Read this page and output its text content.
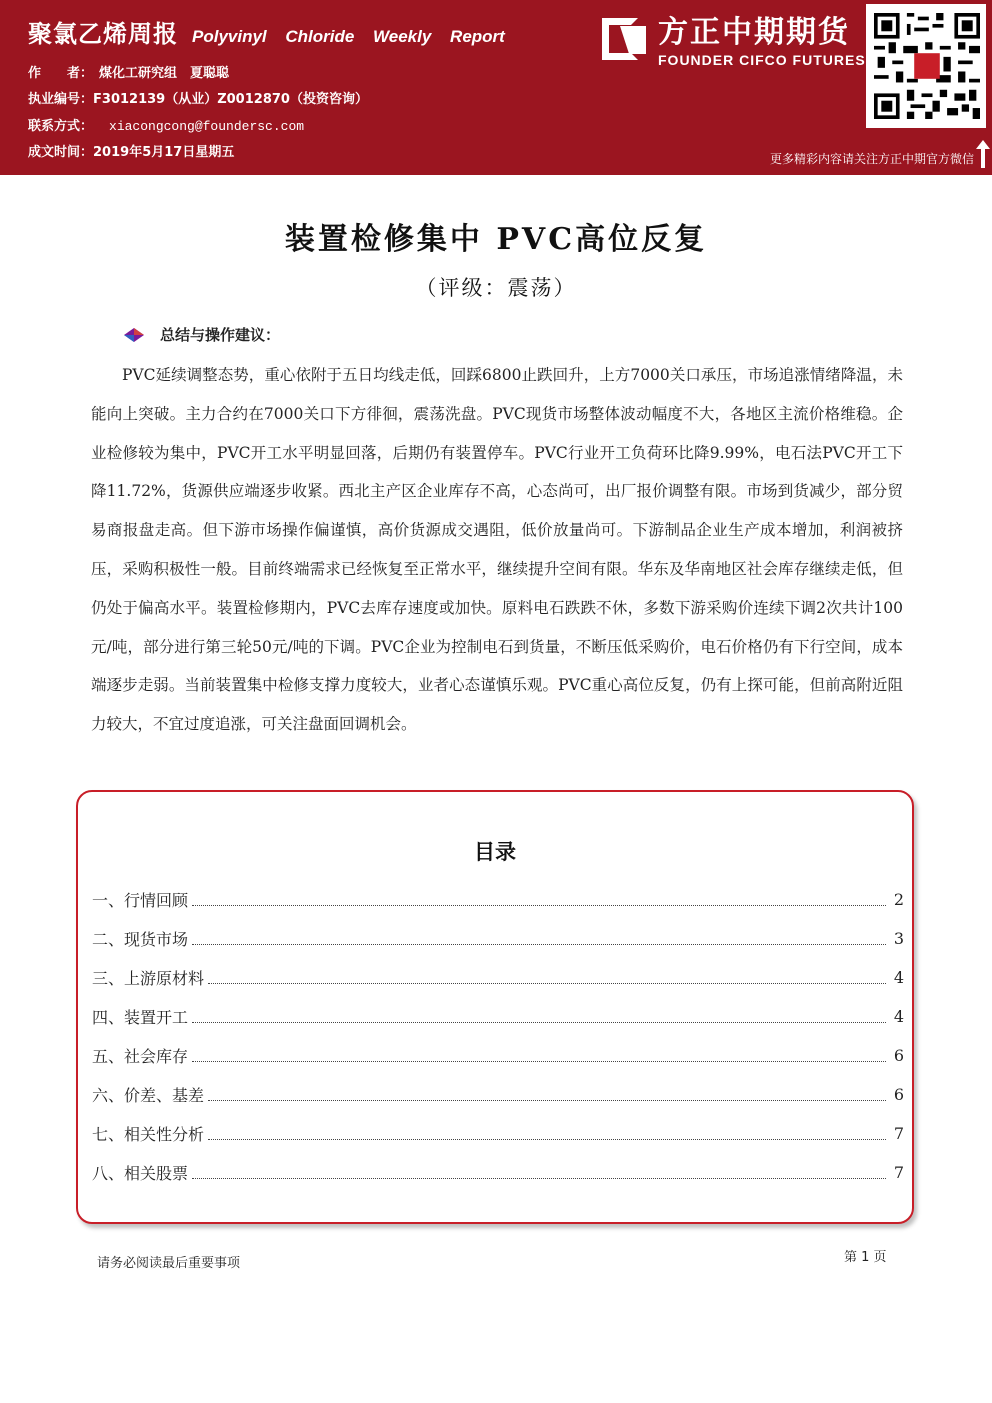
聚氯乙烯周报 Polyvinyl Chloride Weekly Report
作　　者： 煤化工研究组　夏聪聪
执业编号：F3012139（从业）Z0012870（投资咨询）
联系方式： xiacongcong@foundersc.com
成文时间：2019年5月17日星期五
方正中期期货
FOUNDER CIFCO FUTURES
更多精彩内容请关注方正中期官方微信
装置检修集中 PVC高位反复
（评级：震荡）
总结与操作建议：
PVC延续调整态势，重心依附于五日均线走低，回踩6800止跌回升，上方7000关口承压，市场追涨情绪降温，未能向上突破。主力合约在7000关口下方徘徊，震荡洗盘。PVC现货市场整体波动幅度不大，各地区主流价格维稳。企业检修较为集中，PVC开工水平明显回落，后期仍有装置停车。PVC行业开工负荷环比降9.99%，电石法PVC开工下降11.72%，货源供应端逐步收紧。西北主产区企业库存不高，心态尚可，出厂报价调整有限。市场到货减少，部分贸易商报盘走高。但下游市场操作偏谨慎，高价货源成交遇阻，低价放量尚可。下游制品企业生产成本增加，利润被挤压，采购积极性一般。目前终端需求已经恢复至正常水平，继续提升空间有限。华东及华南地区社会库存继续走低，但仍处于偏高水平。装置检修期内，PVC去库存速度或加快。原料电石跌跌不休，多数下游采购价连续下调2次共计100元/吨，部分进行第三轮50元/吨的下调。PVC企业为控制电石到货量，不断压低采购价，电石价格仍有下行空间，成本端逐步走弱。当前装置集中检修支撑力度较大，业者心态谨慎乐观。PVC重心高位反复，仍有上探可能，但前高附近阻力较大，不宜过度追涨，可关注盘面回调机会。
目录
一、行情回顾	2
二、现货市场	3
三、上游原材料	4
四、装置开工	4
五、社会库存	6
六、价差、基差	6
七、相关性分析	7
八、相关股票	7
请务必阅读最后重要事项	第 1 页
